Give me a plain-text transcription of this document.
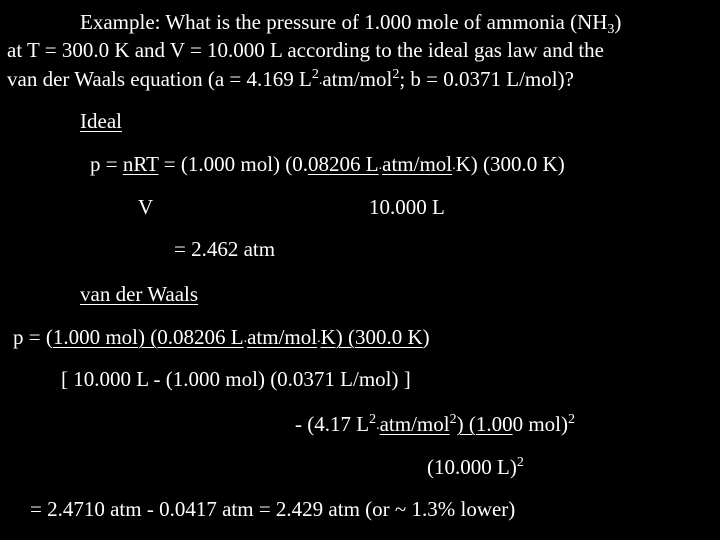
Example: What is the pressure of 1.000 mole of ammonia $(NH_3)$
at T = 300.0 K and V = 10.000 L according to the ideal gas law and the
van der Waals equation (a = 4.169 $L^2.atm/mol^2$; b = 0.0371 L/mol)?
Ideal
p = nRT = (1.000 mol) (0.08206 L.atm/mol.K) (300.0 K)
V	10.000 L
= 2.462 atm
van der Waals
p = (1.000 mol) (0.08206 L.atm/mol.K) (300.0 K)
[ 10.000 L - (1.000 mol) (0.0371 L/mol) ]
- (4.17 $L^2.atm/mol^2$) (1.000 mol)$^2$
(10.000 L)$^2$
= 2.4710 atm - 0.0417 atm = 2.429 atm (or ~ 1.3% lower)
